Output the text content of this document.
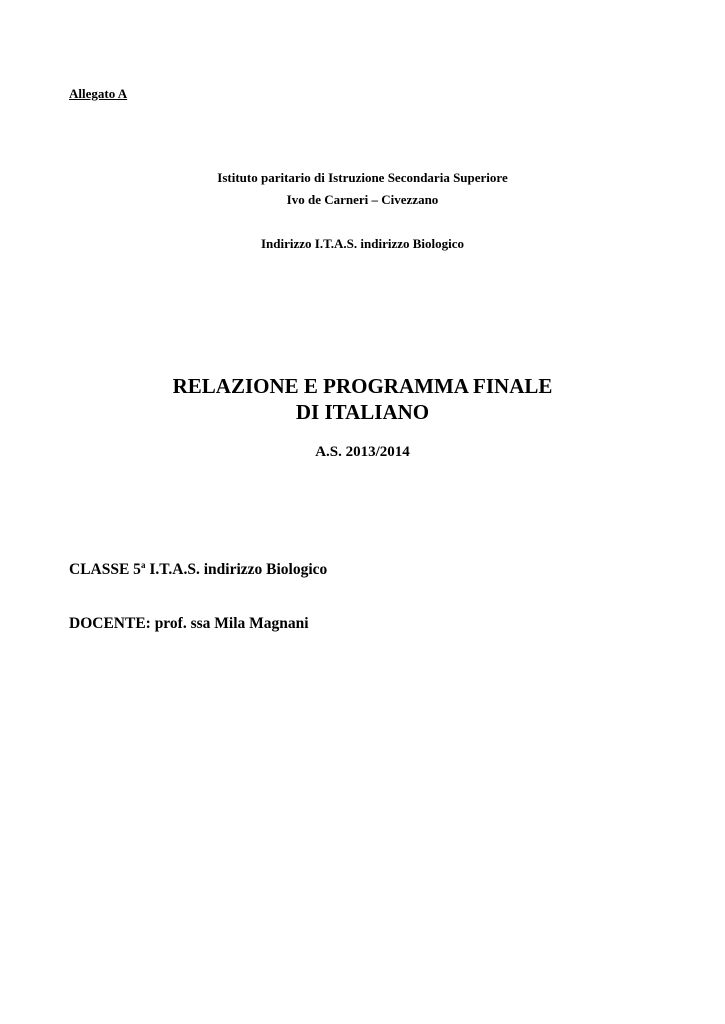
Allegato A
Istituto paritario di Istruzione Secondaria Superiore
Ivo de Carneri – Civezzano
Indirizzo I.T.A.S. indirizzo Biologico
RELAZIONE E PROGRAMMA FINALE
DI ITALIANO
A.S. 2013/2014
CLASSE 5$^a$ I.T.A.S. indirizzo Biologico
DOCENTE: prof. ssa Mila Magnani
